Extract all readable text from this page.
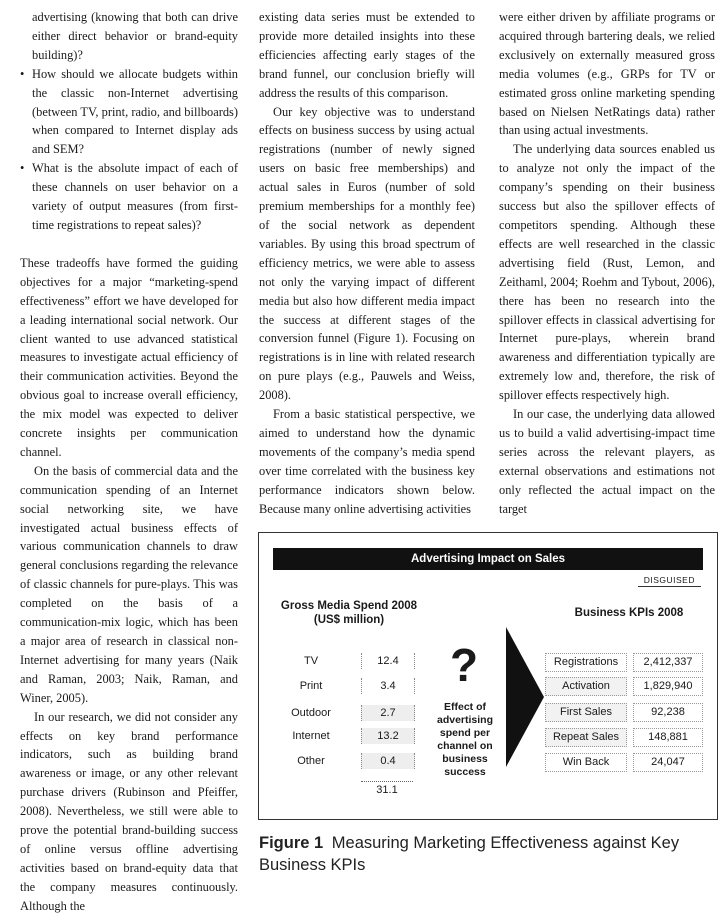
advertising (knowing that both can drive either direct behavior or brand-equity building)?

• How should we allocate budgets within the classic non-Internet advertising (between TV, print, radio, and billboards) when compared to Internet display ads and SEM?
• What is the absolute impact of each of these channels on user behavior on a variety of output measures (from first-time registrations to repeat sales)?

These tradeoffs have formed the guiding objectives for a major “marketing-spend effectiveness” effort we have developed for a leading international social network. Our client wanted to use advanced statistical measures to investigate actual efficiency of their communication activities. Beyond the obvious goal to increase overall efficiency, the mix model was expected to deliver concrete insights per communication channel.

On the basis of commercial data and the communication spending of an Internet social networking site, we have investigated actual business effects of various communication channels to draw general conclusions regarding the relevance of classic channels for pure-plays. This was completed on the basis of a communication-mix logic, which has been a major area of research in classical non-Internet advertising for many years (Naik and Raman, 2003; Naik, Raman, and Winer, 2005).

In our research, we did not consider any effects on key brand performance indicators, such as building brand awareness or image, or any other relevant purchase drivers (Rubinson and Pfeiffer, 2008). Nevertheless, we still were able to prove the potential brand-building success of online versus offline advertising activities based on brand-equity data that the company measures continuously. Although the

existing data series must be extended to provide more detailed insights into these efficiencies affecting early stages of the brand funnel, our conclusion briefly will address the results of this comparison.

Our key objective was to understand effects on business success by using actual registrations (number of newly signed users on basic free memberships) and actual sales in Euros (number of sold premium memberships for a monthly fee) of the social network as dependent variables. By using this broad spectrum of efficiency metrics, we were able to assess not only the varying impact of different media but also how different media impact the success at different stages of the conversion funnel (Figure 1). Focusing on registrations is in line with related research on pure plays (e.g., Pauwels and Weiss, 2008).

From a basic statistical perspective, we aimed to understand how the dynamic movements of the company’s media spend over time correlated with the business key performance indicators shown below. Because many online advertising activities

were either driven by affiliate programs or acquired through bartering deals, we relied exclusively on externally measured gross media volumes (e.g., GRPs for TV or estimated gross online marketing spending based on Nielsen NetRatings data) rather than using actual investments.

The underlying data sources enabled us to analyze not only the impact of the company’s spending on their business success but also the spillover effects of competitors spending. Although these effects are well researched in the classic advertising field (Rust, Lemon, and Zeithaml, 2004; Roehm and Tybout, 2006), there has been no research into the spillover effects in classical advertising for Internet pure-plays, wherein brand awareness and differentiation typically are extremely low and, therefore, the risk of spillover effects respectively high.

In our case, the underlying data allowed us to build a valid advertising-impact time series across the relevant players, as external observations and estimations not only reflected the actual impact on the target

Advertising Impact on Sales
DISGUISED
Gross Media Spend 2008 (US$ million)
TV	12.4
Print	3.4
Outdoor	2.7
Internet	13.2
Other	0.4
31.1
?
Effect of advertising spend per channel on business success
Business KPIs 2008
Registrations	2,412,337
Activation	1,829,940
First Sales	92,238
Repeat Sales	148,881
Win Back	24,047
Figure 1 Measuring Marketing Effectiveness against Key Business KPIs
